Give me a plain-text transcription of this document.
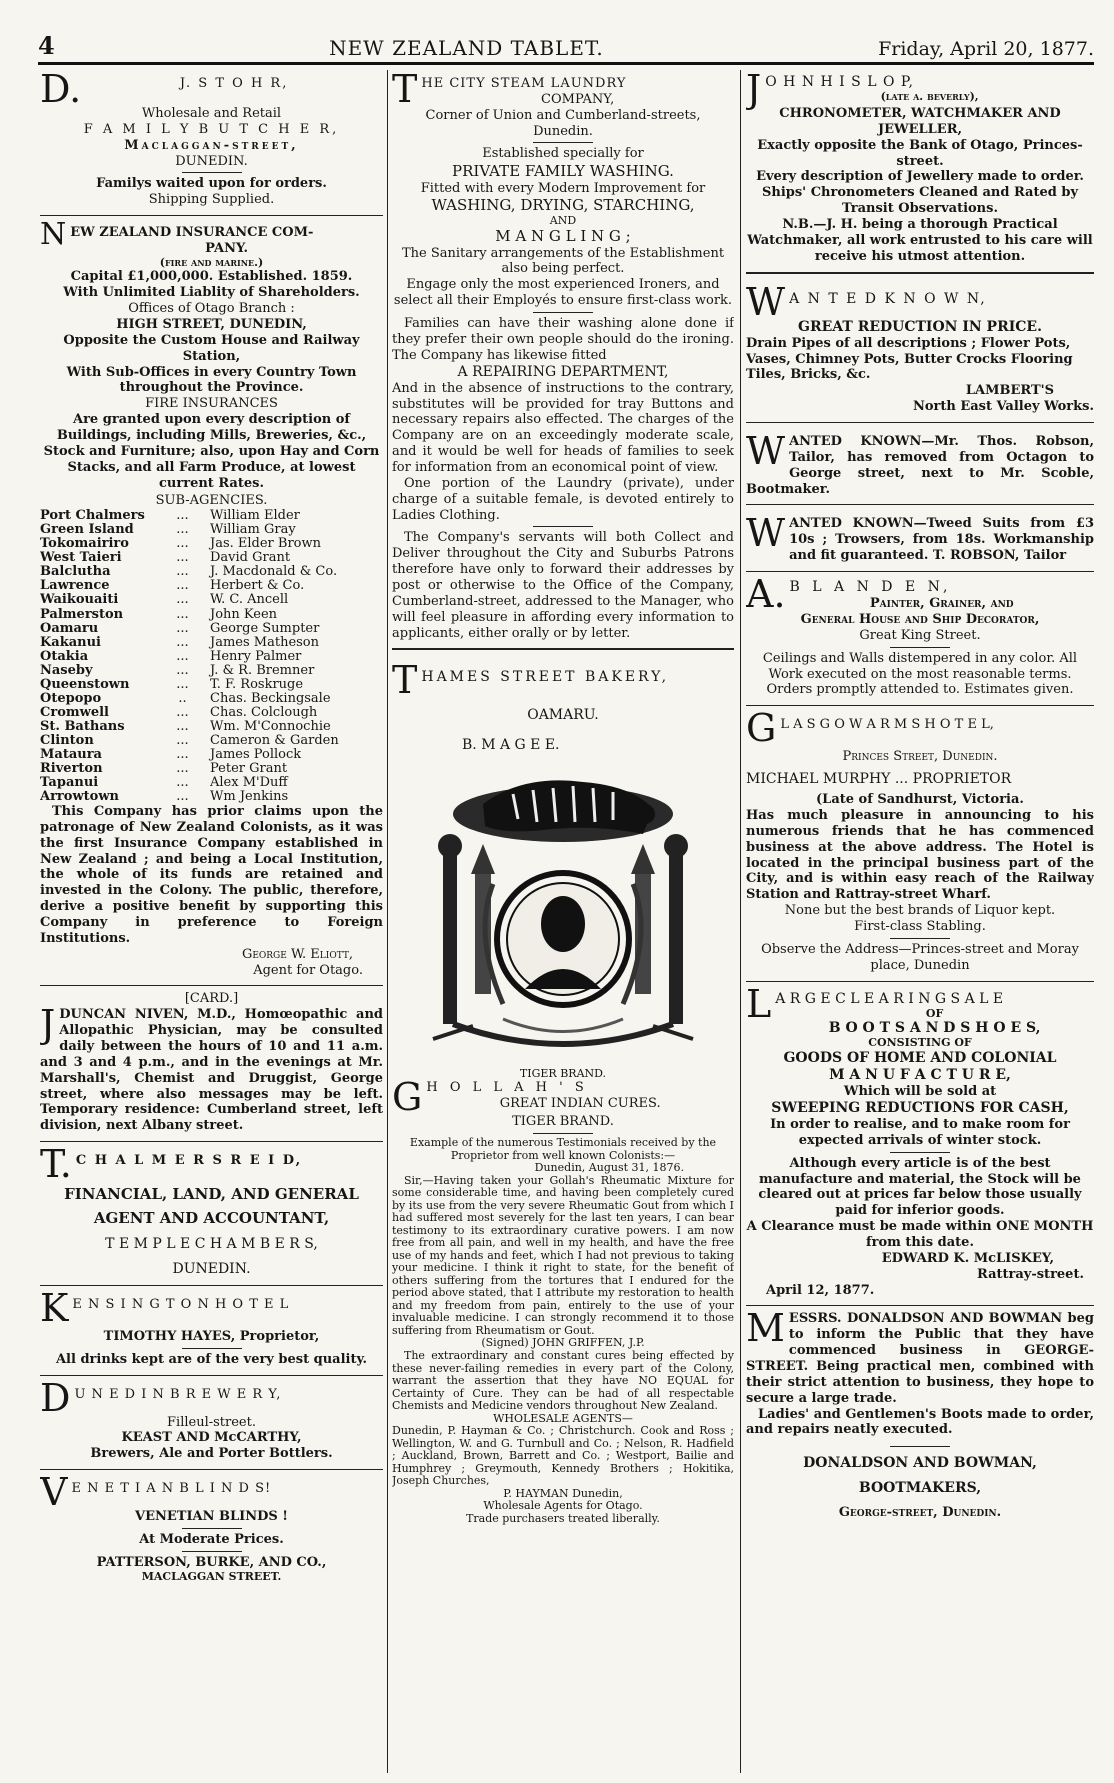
4	NEW ZEALAND TABLET.	Friday, April 20, 1877.
D.	J. S T O H R,
Wholesale and Retail
F A M I L Y B U T C H E R,
Maclaggan-street,
DUNEDIN.
Familys waited upon for orders.
Shipping Supplied.
N EW ZEALAND INSURANCE COM-
PANY.
(fire and marine.)
Capital £1,000,000. Established. 1859.
With Unlimited Liablity of Shareholders.
Offices of Otago Branch :
HIGH STREET, DUNEDIN,
Opposite the Custom House and Railway
Station,
With Sub-Offices in every Country Town throughout the Province.
FIRE INSURANCES
Are granted upon every description of Buildings, including Mills, Breweries, &c., Stock and Furniture; also, upon Hay and Corn Stacks, and all Farm Produce, at lowest current Rates.
SUB-AGENCIES.
Port Chalmers	...	William Elder
Green Island	...	William Gray
Tokomairiro	...	Jas. Elder Brown
West Taieri	...	David Grant
Balclutha	...	J. Macdonald & Co.
Lawrence	...	Herbert & Co.
Waikouaiti	...	W. C. Ancell
Palmerston	...	John Keen
Oamaru	...	George Sumpter
Kakanui	...	James Matheson
Otakia	...	Henry Palmer
Naseby	...	J. & R. Bremner
Queenstown	...	T. F. Roskruge
Otepopo	..	Chas. Beckingsale
Cromwell	...	Chas. Colclough
St. Bathans	...	Wm. M'Connochie
Clinton	...	Cameron & Garden
Mataura	...	James Pollock
Riverton	...	Peter Grant
Tapanui	...	Alex M'Duff
Arrowtown	...	Wm Jenkins
This Company has prior claims upon the patronage of New Zealand Colonists, as it was the first Insurance Company established in New Zealand ; and being a Local Institution, the whole of its funds are retained and invested in the Colony. The public, therefore, derive a positive benefit by supporting this Company in preference to Foreign Institutions.
George W. Eliott,
Agent for Otago.
[CARD.]
JDUNCAN NIVEN, M.D., Homœopathic and Allopathic Physician, may be consulted daily between the hours of 10 and 11 a.m. and 3 and 4 p.m., and in the evenings at Mr. Marshall's, Chemist and Druggist, George street, where also messages may be left. Temporary residence: Cumberland street, left division, next Albany street.
T. C H A L M E R S R E I D,
FINANCIAL, LAND, AND GENERAL
AGENT AND ACCOUNTANT,
T E M P L E C H A M B E R S,
DUNEDIN.
K E N S I N G T O N H O T E L
TIMOTHY HAYES, Proprietor,
All drinks kept are of the very best quality.
D U N E D I N B R E W E R Y,
Filleul-street.
KEAST AND McCARTHY,
Brewers, Ale and Porter Bottlers.
V E N E T I A N B L I N D S!
VENETIAN BLINDS !
At Moderate Prices.
PATTERSON, BURKE, AND CO.,
MACLAGGAN STREET.
T HE CITY STEAM LAUNDRY
COMPANY,
Corner of Union and Cumberland-streets,
Dunedin.
Established specially for
PRIVATE FAMILY WASHING.
Fitted with every Modern Improvement for
WASHING, DRYING, STARCHING,
AND
M A N G L I N G ;
The Sanitary arrangements of the Establishment also being perfect.
Engage only the most experienced Ironers, and select all their Employés to ensure first-class work.
Families can have their washing alone done if they prefer their own people should do the ironing. The Company has likewise fitted
A REPAIRING DEPARTMENT,
And in the absence of instructions to the contrary, substitutes will be provided for tray Buttons and necessary repairs also effected. The charges of the Company are on an exceedingly moderate scale, and it would be well for heads of families to seek for information from an economical point of view.
One portion of the Laundry (private), under charge of a suitable female, is devoted entirely to Ladies Clothing.
The Company's servants will both Collect and Deliver throughout the City and Suburbs Patrons therefore have only to forward their addresses by post or otherwise to the Office of the Company, Cumberland-street, addressed to the Manager, who will feel pleasure in affording every information to applicants, either orally or by letter.
T HAMES STREET BAKERY,
OAMARU.
B. M A G E E.
TIGER BRAND.
G H O L L A H ' S
GREAT INDIAN CURES.
TIGER BRAND.
Example of the numerous Testimonials received by the Proprietor from well known Colonists:—
Dunedin, August 31, 1876.
Sir,—Having taken your Gollah's Rheumatic Mixture for some considerable time, and having been completely cured by its use from the very severe Rheumatic Gout from which I had suffered most severely for the last ten years, I can bear testimony to its extraordinary curative powers. I am now free from all pain, and well in my health, and have the free use of my hands and feet, which I had not previous to taking your medicine. I think it right to state, for the benefit of others suffering from the tortures that I endured for the period above stated, that I attribute my restoration to health and my freedom from pain, entirely to the use of your invaluable medicine. I can strongly recommend it to those suffering from Rheumatism or Gout.
(Signed) JOHN GRIFFEN, J.P.
The extraordinary and constant cures being effected by these never-failing remedies in every part of the Colony, warrant the assertion that they have NO EQUAL for Certainty of Cure. They can be had of all respectable Chemists and Medicine vendors throughout New Zealand.
WHOLESALE AGENTS—
Dunedin, P. Hayman & Co. ; Christchurch. Cook and Ross ; Wellington, W. and G. Turnbull and Co. ; Nelson, R. Hadfield ; Auckland, Brown, Barrett and Co. ; Westport, Bailie and Humphrey ; Greymouth, Kennedy Brothers ; Hokitika, Joseph Churches,
P. HAYMAN Dunedin,
Wholesale Agents for Otago.
Trade purchasers treated liberally.
J O H N H I S L O P,
(late a. beverly),
CHRONOMETER, WATCHMAKER AND JEWELLER,
Exactly opposite the Bank of Otago, Princes-street.
Every description of Jewellery made to order.
Ships' Chronometers Cleaned and Rated by Transit Observations.
N.B.—J. H. being a thorough Practical Watchmaker, all work entrusted to his care will receive his utmost attention.
W A N T E D K N O W N,
GREAT REDUCTION IN PRICE.
Drain Pipes of all descriptions ; Flower Pots, Vases, Chimney Pots, Butter Crocks Flooring Tiles, Bricks, &c.
LAMBERT'S
North East Valley Works.
WANTED KNOWN—Mr. Thos. Robson, Tailor, has removed from Octagon to George street, next to Mr. Scoble, Bootmaker.
WANTED KNOWN—Tweed Suits from £3 10s ; Trowsers, from 18s. Workmanship and fit guaranteed. T. ROBSON, Tailor
A. B L A N D E N,
Painter, Grainer, and
General House and Ship Decorator,
Great King Street.
Ceilings and Walls distempered in any color. All Work executed on the most reasonable terms. Orders promptly attended to. Estimates given.
G L A S G O W A R M S H O T E L,
Princes Street, Dunedin.
MICHAEL MURPHY ... PROPRIETOR
(Late of Sandhurst, Victoria.
Has much pleasure in announcing to his numerous friends that he has commenced business at the above address. The Hotel is located in the principal business part of the City, and is within easy reach of the Railway Station and Rattray-street Wharf.
None but the best brands of Liquor kept.
First-class Stabling.
Observe the Address—Princes-street and Moray place, Dunedin
L A R G E C L E A R I N G S A L E
OF
B O O T S A N D S H O E S,
CONSISTING OF
GOODS OF HOME AND COLONIAL
M A N U F A C T U R E,
Which will be sold at
SWEEPING REDUCTIONS FOR CASH,
In order to realise, and to make room for expected arrivals of winter stock.
Although every article is of the best manufacture and material, the Stock will be cleared out at prices far below those usually paid for inferior goods.
A Clearance must be made within ONE MONTH from this date.
EDWARD K. McLISKEY,
Rattray-street.
April 12, 1877.
MESSRS. DONALDSON AND BOWMAN beg to inform the Public that they have commenced business in GEORGE-STREET. Being practical men, combined with their strict attention to business, they hope to secure a large trade.
Ladies' and Gentlemen's Boots made to order, and repairs neatly executed.
DONALDSON AND BOWMAN,
BOOTMAKERS,
George-street, Dunedin.
